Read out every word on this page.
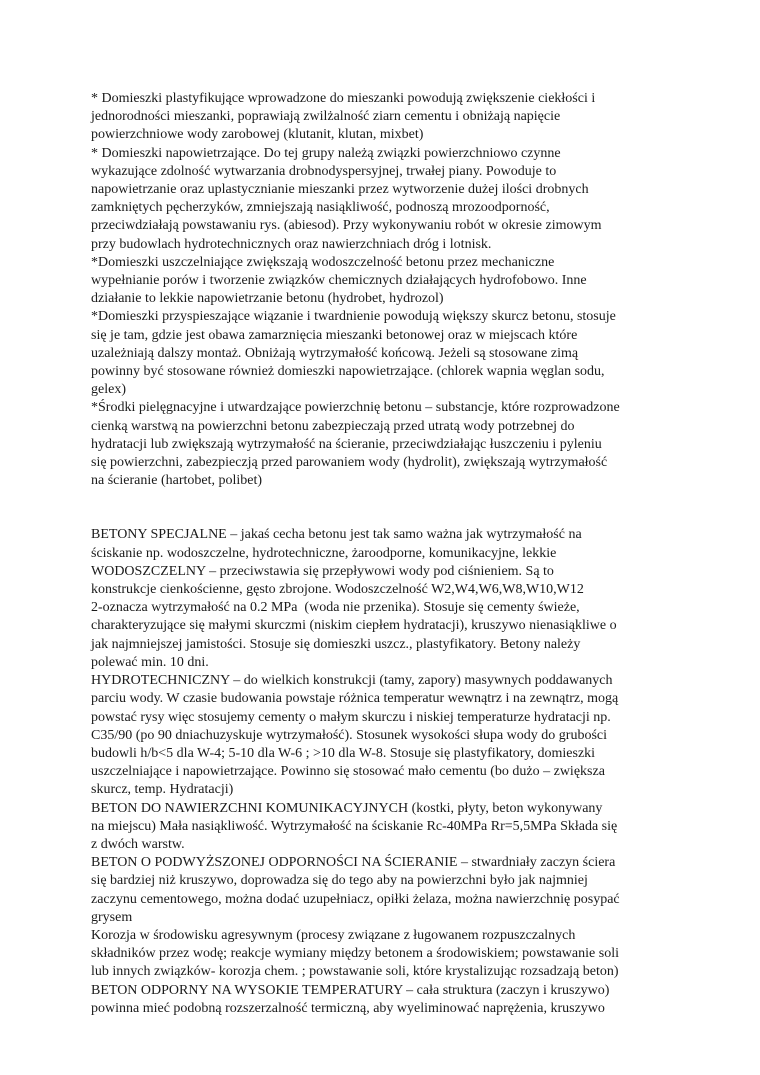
* Domieszki plastyfikujące wprowadzone do mieszanki powodują zwiększenie ciekłości i
jednorodności mieszanki, poprawiają zwilżalność ziarn cementu i obniżają napięcie
powierzchniowe wody zarobowej (klutanit, klutan, mixbet)

* Domieszki napowietrzające. Do tej grupy należą związki powierzchniowo czynne
wykazujące zdolność wytwarzania drobnodyspersyjnej, trwałej piany. Powoduje to
napowietrzanie oraz uplastycznianie mieszanki przez wytworzenie dużej ilości drobnych
zamkniętych pęcherzyków, zmniejszają nasiąkliwość, podnoszą mrozoodporność,
przeciwdziałają powstawaniu rys. (abiesod). Przy wykonywaniu robót w okresie zimowym
przy budowlach hydrotechnicznych oraz nawierzchniach dróg i lotnisk.

*Domieszki uszczelniające zwiększają wodoszczelność betonu przez mechaniczne
wypełnianie porów i tworzenie związków chemicznych działających hydrofobowo. Inne
działanie to lekkie napowietrzanie betonu (hydrobet, hydrozol)

*Domieszki przyspieszające wiązanie i twardnienie powodują większy skurcz betonu, stosuje
się je tam, gdzie jest obawa zamarznięcia mieszanki betonowej oraz w miejscach które
uzależniają dalszy montaż. Obniżają wytrzymałość końcową. Jeżeli są stosowane zimą
powinny być stosowane również domieszki napowietrzające. (chlorek wapnia węglan sodu,
gelex)

*Środki pielęgnacyjne i utwardzające powierzchnię betonu – substancje, które rozprowadzone
cienką warstwą na powierzchni betonu zabezpieczają przed utratą wody potrzebnej do
hydratacji lub zwiększają wytrzymałość na ścieranie, przeciwdziałając łuszczeniu i pyleniu
się powierzchni, zabezpieczją przed parowaniem wody (hydrolit), zwiększają wytrzymałość
na ścieranie (hartobet, polibet)

BETONY SPECJALNE – jakaś cecha betonu jest tak samo ważna jak wytrzymałość na
ściskanie np. wodoszczelne, hydrotechniczne, żaroodporne, komunikacyjne, lekkie

WODOSZCZELNY – przeciwstawia się przepływowi wody pod ciśnieniem. Są to
konstrukcje cienkościenne, gęsto zbrojone. Wodoszczelność W2,W4,W6,W8,W10,W12
2-oznacza wytrzymałość na 0.2 MPa  (woda nie przenika). Stosuje się cementy świeże,
charakteryzujące się małymi skurczmi (niskim ciepłem hydratacji), kruszywo nienasiąkliwe o
jak najmniejszej jamistości. Stosuje się domieszki uszcz., plastyfikatory. Betony należy
polewać min. 10 dni.

HYDROTECHNICZNY – do wielkich konstrukcji (tamy, zapory) masywnych poddawanych
parciu wody. W czasie budowania powstaje różnica temperatur wewnątrz i na zewnątrz, mogą
powstać rysy więc stosujemy cementy o małym skurczu i niskiej temperaturze hydratacji np.
C35/90 (po 90 dniachuzyskuje wytrzymałość). Stosunek wysokości słupa wody do grubości
budowli h/b<5 dla W-4; 5-10 dla W-6 ; >10 dla W-8. Stosuje się plastyfikatory, domieszki
uszczelniające i napowietrzające. Powinno się stosować mało cementu (bo dużo – zwiększa
skurcz, temp. Hydratacji)

BETON DO NAWIERZCHNI KOMUNIKACYJNYCH (kostki, płyty, beton wykonywany
na miejscu) Mała nasiąkliwość. Wytrzymałość na ściskanie Rc-40MPa Rr=5,5MPa Składa się
z dwóch warstw.

BETON O PODWYŻSZONEJ ODPORNOŚCI NA ŚCIERANIE – stwardniały zaczyn ściera
się bardziej niż kruszywo, doprowadza się do tego aby na powierzchni było jak najmniej
zaczynu cementowego, można dodać uzupełniacz, opiłki żelaza, można nawierzchnię posypać
grysem

Korozja w środowisku agresywnym (procesy związane z ługowanem rozpuszczalnych
składników przez wodę; reakcje wymiany między betonem a środowiskiem; powstawanie soli
lub innych związków- korozja chem. ; powstawanie soli, które krystalizując rozsadzają beton)

BETON ODPORNY NA WYSOKIE TEMPERATURY – cała struktura (zaczyn i kruszywo)
powinna mieć podobną rozszerzalność termiczną, aby wyeliminować naprężenia, kruszywo
